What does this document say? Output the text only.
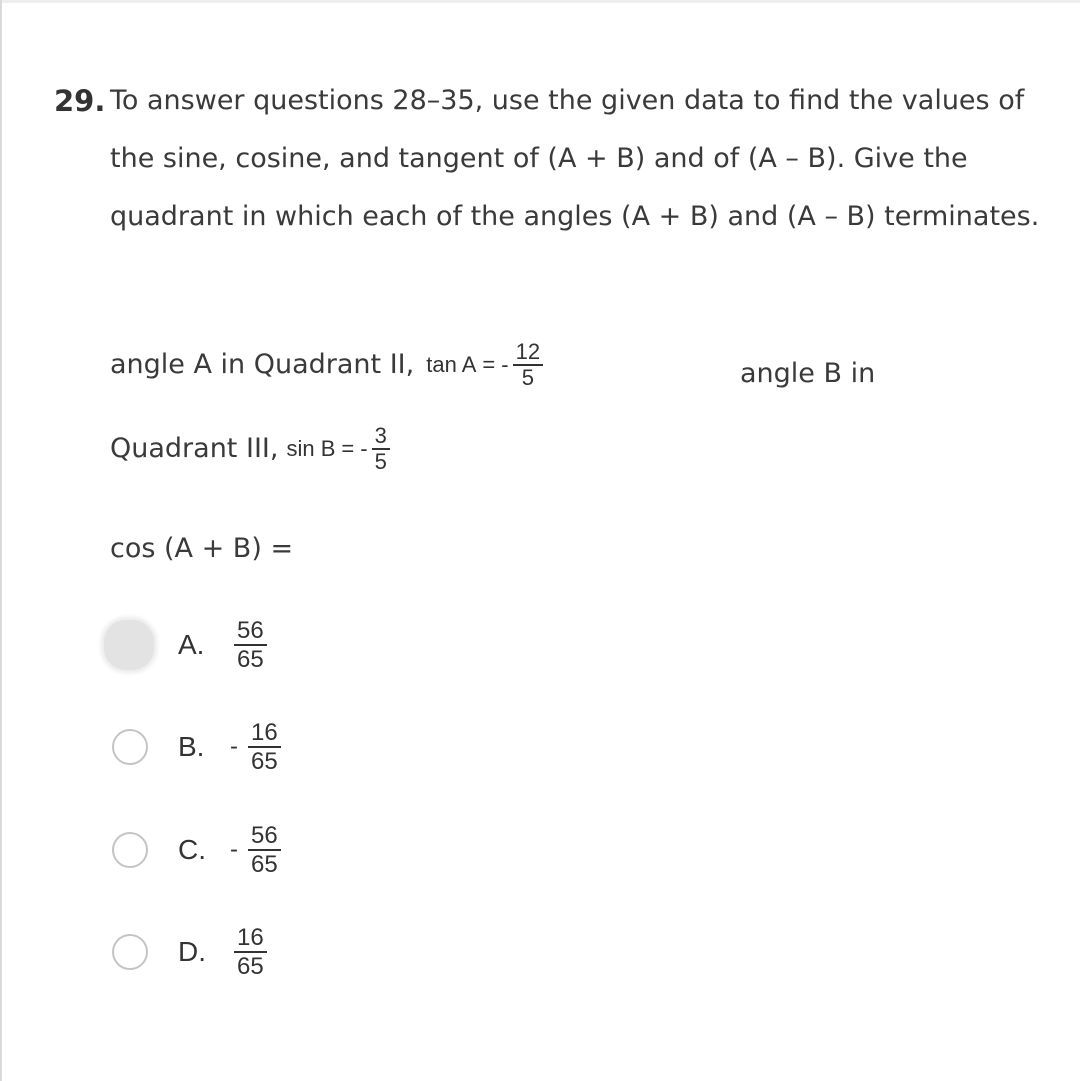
29. To answer questions 28–35, use the given data to find the values of the sine, cosine, and tangent of (A + B) and of (A – B). Give the quadrant in which each of the angles (A + B) and (A – B) terminates.
angle A in Quadrant II, tan A = - $\frac{12}{5}$	angle B in
Quadrant III, sin B = - $\frac{3}{5}$
cos (A + B) =
A.	$\frac{56}{65}$
B.	- $\frac{16}{65}$
C.	- $\frac{56}{65}$
D.	$\frac{16}{65}$
